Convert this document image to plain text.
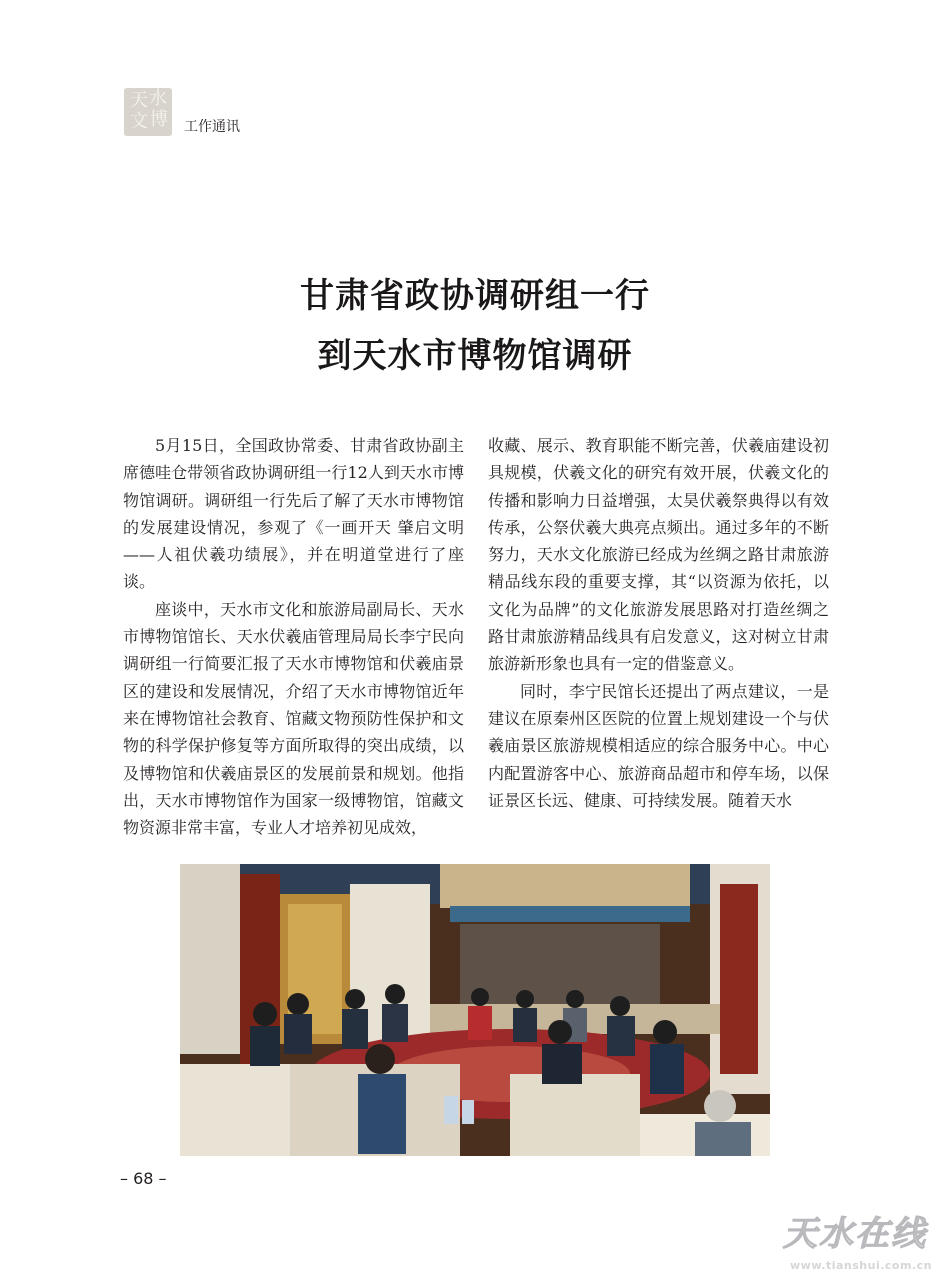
天 水
文 博 工作通讯
甘肃省政协调研组一行
到天水市博物馆调研

5月15日，全国政协常委、甘肃省政协副主席德哇仓带领省政协调研组一行12人到天水市博物馆调研。调研组一行先后了解了天水市博物馆的发展建设情况，参观了《一画开天 肇启文明——人祖伏羲功绩展》，并在明道堂进行了座谈。

座谈中，天水市文化和旅游局副局长、天水市博物馆馆长、天水伏羲庙管理局局长李宁民向调研组一行简要汇报了天水市博物馆和伏羲庙景区的建设和发展情况，介绍了天水市博物馆近年来在博物馆社会教育、馆藏文物预防性保护和文物的科学保护修复等方面所取得的突出成绩，以及博物馆和伏羲庙景区的发展前景和规划。他指出，天水市博物馆作为国家一级博物馆，馆藏文物资源非常丰富，专业人才培养初见成效，

收藏、展示、教育职能不断完善，伏羲庙建设初具规模，伏羲文化的研究有效开展，伏羲文化的传播和影响力日益增强，太昊伏羲祭典得以有效传承，公祭伏羲大典亮点频出。通过多年的不断努力，天水文化旅游已经成为丝绸之路甘肃旅游精品线东段的重要支撑，其“以资源为依托，以文化为品牌”的文化旅游发展思路对打造丝绸之路甘肃旅游精品线具有启发意义，这对树立甘肃旅游新形象也具有一定的借鉴意义。

同时，李宁民馆长还提出了两点建议，一是建议在原秦州区医院的位置上规划建设一个与伏羲庙景区旅游规模相适应的综合服务中心。中心内配置游客中心、旅游商品超市和停车场，以保证景区长远、健康、可持续发展。随着天水

– 68 –
天水在线
www.tianshui.com.cn
